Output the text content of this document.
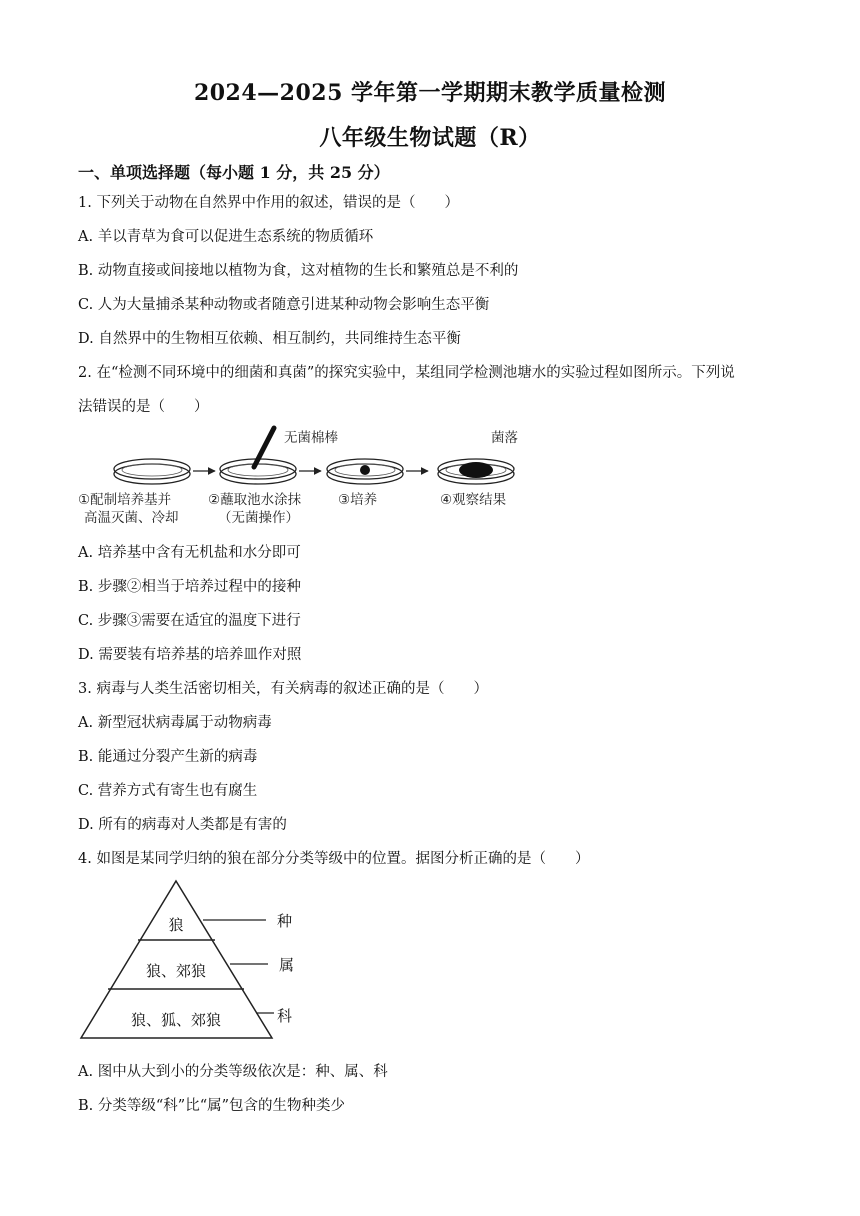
2024—2025 学年第一学期期末教学质量检测
八年级生物试题（R）
一、单项选择题（每小题 1 分，共 25 分）
1. 下列关于动物在自然界中作用的叙述，错误的是（　　）
A. 羊以青草为食可以促进生态系统的物质循环
B. 动物直接或间接地以植物为食，这对植物的生长和繁殖总是不利的
C. 人为大量捕杀某种动物或者随意引进某种动物会影响生态平衡
D. 自然界中的生物相互依赖、相互制约，共同维持生态平衡
2. 在“检测不同环境中的细菌和真菌”的探究实验中，某组同学检测池塘水的实验过程如图所示。下列说
法错误的是（　　）
无菌棉棒	菌落
①配制培养基并
高温灭菌、冷却
②蘸取池水涂抹
（无菌操作）
③培养	④观察结果
A. 培养基中含有无机盐和水分即可
B. 步骤②相当于培养过程中的接种
C. 步骤③需要在适宜的温度下进行
D. 需要装有培养基的培养皿作对照
3. 病毒与人类生活密切相关，有关病毒的叙述正确的是（　　）
A. 新型冠状病毒属于动物病毒
B. 能通过分裂产生新的病毒
C. 营养方式有寄生也有腐生
D. 所有的病毒对人类都是有害的
4. 如图是某同学归纳的狼在部分分类等级中的位置。据图分析正确的是（　　）
狼
狼、郊狼
狼、狐、郊狼
种
属
科
A. 图中从大到小的分类等级依次是：种、属、科
B. 分类等级“科”比“属”包含的生物种类少
